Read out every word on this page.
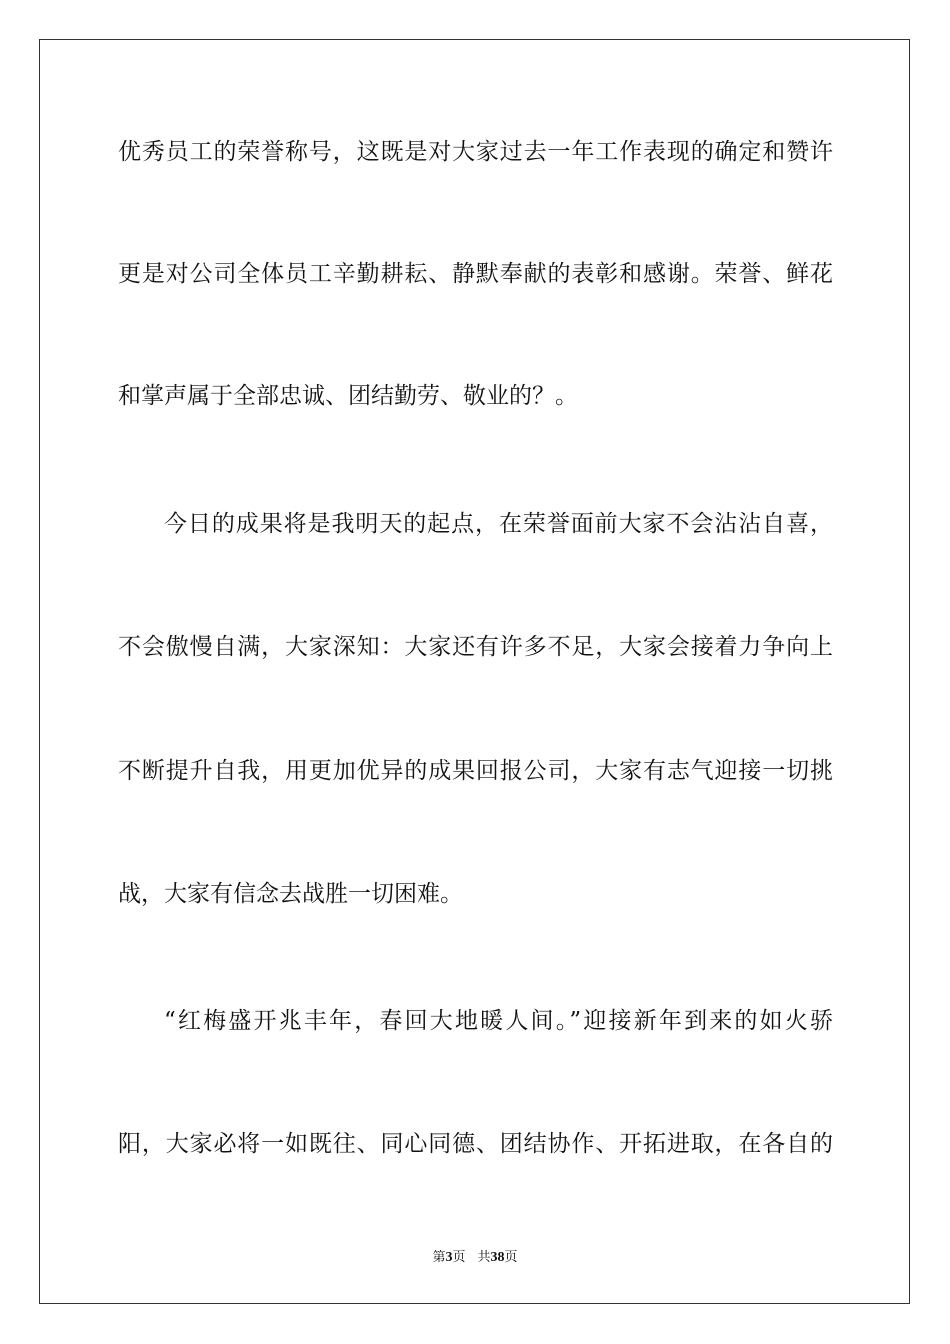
优秀员工的荣誉称号，这既是对大家过去一年工作表现的确定和赞许
更是对公司全体员工辛勤耕耘、静默奉献的表彰和感谢。荣誉、鲜花
和掌声属于全部忠诚、团结勤劳、敬业的？。
今日的成果将是我明天的起点，在荣誉面前大家不会沾沾自喜，
不会傲慢自满，大家深知：大家还有许多不足，大家会接着力争向上
不断提升自我，用更加优异的成果回报公司，大家有志气迎接一切挑
战，大家有信念去战胜一切困难。
“红梅盛开兆丰年，春回大地暖人间。”迎接新年到来的如火骄
阳，大家必将一如既往、同心同德、团结协作、开拓进取，在各自的
第3页 共38页
